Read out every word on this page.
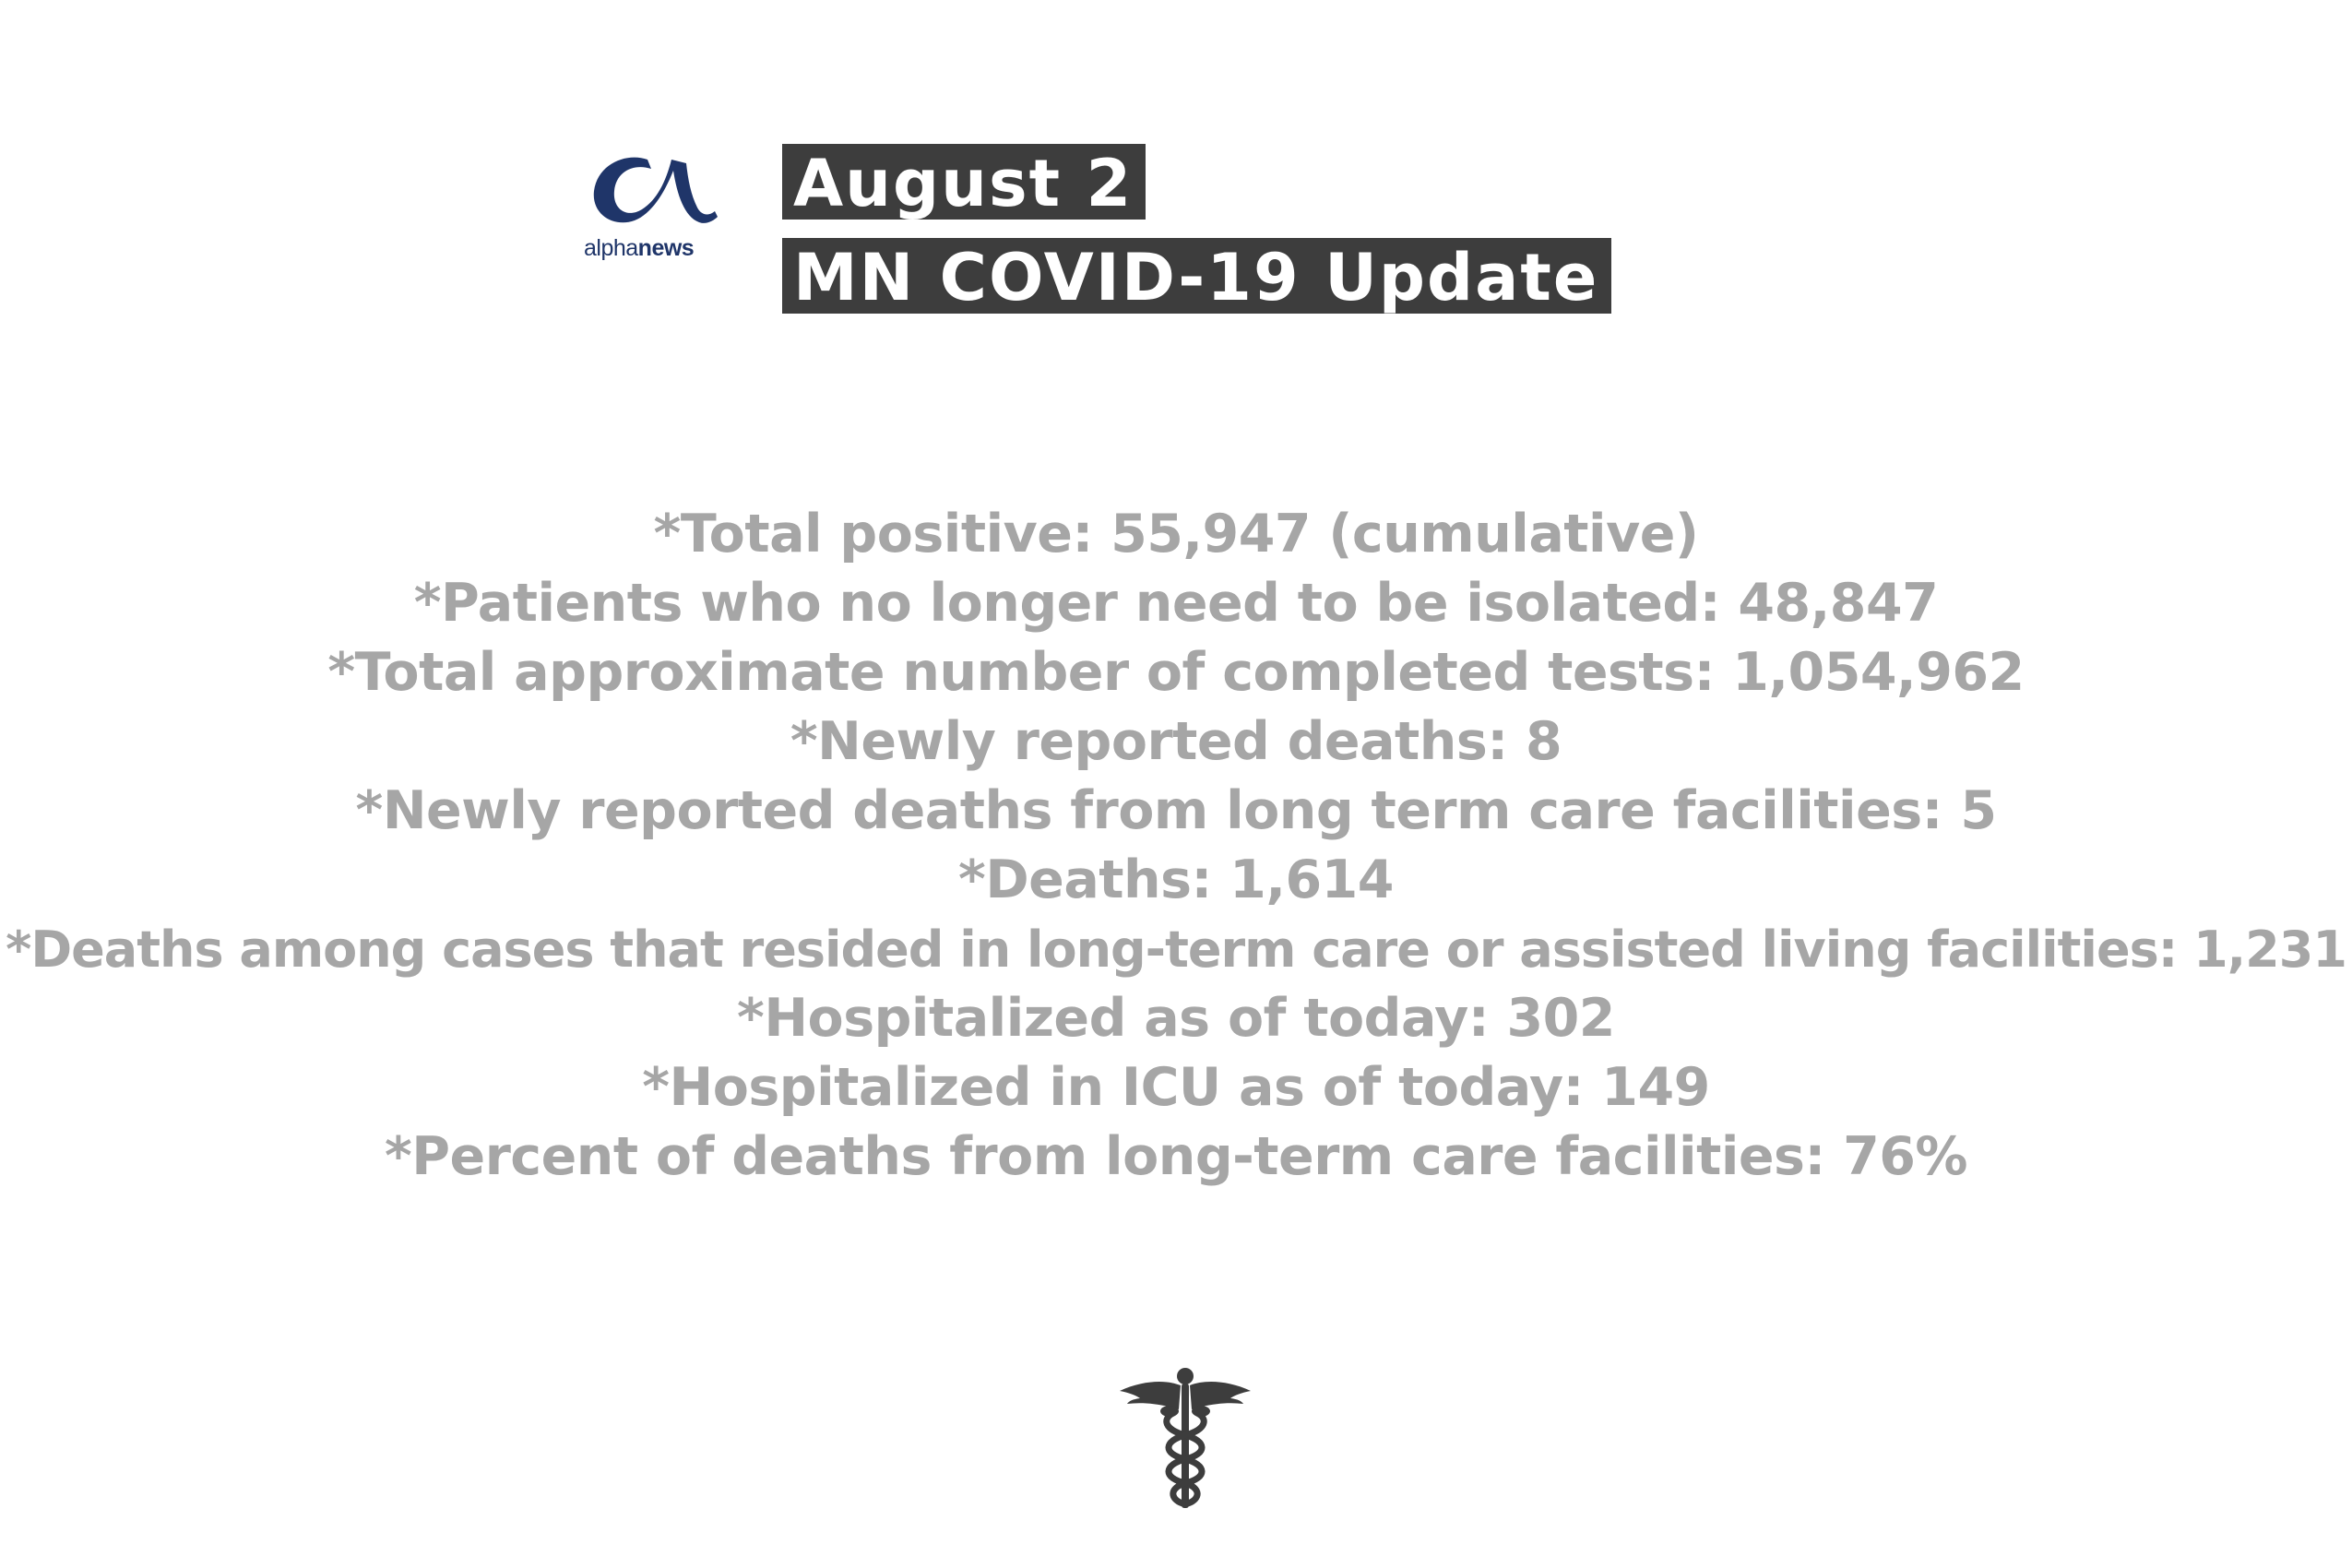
alphanews
August 2
MN COVID-19 Update
*Total positive: 55,947 (cumulative)
*Patients who no longer need to be isolated: 48,847
*Total approximate number of completed tests: 1,054,962
*Newly reported deaths: 8
*Newly reported deaths from long term care facilities: 5
*Deaths: 1,614
*Deaths among cases that resided in long-term care or assisted living facilities: 1,231
*Hospitalized as of today: 302
*Hospitalized in ICU as of today: 149
*Percent of deaths from long-term care facilities: 76%
